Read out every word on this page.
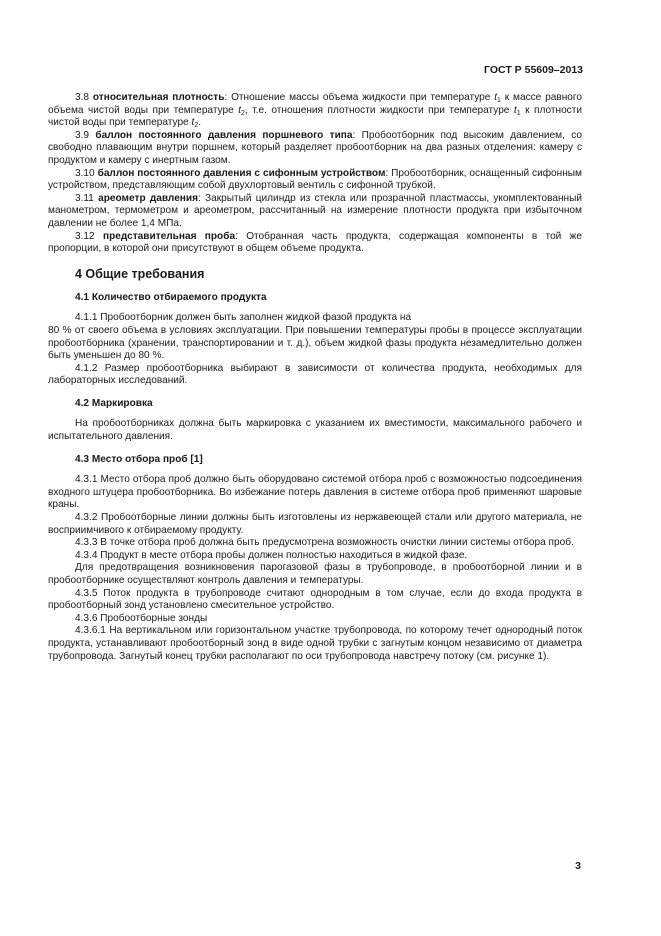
ГОСТ Р 55609–2013

3.8 относительная плотность: Отношение массы объема жидкости при температуре $t_1$ к массе равного объема чистой воды при температуре $t_2$, т.е. отношения плотности жидкости при температуре $t_1$ к плотности чистой воды при температуре $t_2$.

3.9 баллон постоянного давления поршневого типа: Пробоотборник под высоким давлением, со свободно плавающим внутри поршнем, который разделяет пробоотборник на два разных отделения: камеру с продуктом и камеру с инертным газом.

3.10 баллон постоянного давления с сифонным устройством: Пробоотборник, оснащенный сифонным устройством, представляющим собой двухлортовый вентиль с сифонной трубкой.

3.11 ареометр давления: Закрытый цилиндр из стекла или прозрачной пластмассы, укомплектованный манометром, термометром и ареометром, рассчитанный на измерение плотности продукта при избыточном давлении не более 1,4 МПа.

3.12 представительная проба: Отобранная часть продукта, содержащая компоненты в той же пропорции, в которой они присутствуют в общем объеме продукта.

4 Общие требования
4.1 Количество отбираемого продукта

4.1.1 Пробоотборник должен быть заполнен жидкой фазой продукта на

80 % от своего объема в условиях эксплуатации. При повышении температуры пробы в процессе эксплуатации пробоотборника (хранении, транспортировании и т. д.), объем жидкой фазы продукта незамедлительно должен быть уменьшен до 80 %.

4.1.2 Размер пробоотборника выбирают в зависимости от количества продукта, необходимых для лабораторных исследований.

4.2 Маркировка

На пробоотборниках должна быть маркировка с указанием их вместимости, максимального рабочего и испытательного давления.

4.3 Место отбора проб [1]

4.3.1 Место отбора проб должно быть оборудовано системой отбора проб с возможностью подсоединения входного штуцера пробоотборника. Во избежание потерь давления в системе отбора проб применяют шаровые краны.

4.3.2 Пробоотборные линии должны быть изготовлены из нержавеющей стали или другого материала, не восприимчивого к отбираемому продукту.

4.3.3 В точке отбора проб должна быть предусмотрена возможность очистки линии системы отбора проб.

4.3.4 Продукт в месте отбора пробы должен полностью находиться в жидкой фазе.

Для предотвращения возникновения парогазовой фазы в трубопроводе, в пробоотборной линии и в пробоотборнике осуществляют контроль давления и температуры.

4.3.5 Поток продукта в трубопроводе считают однородным в том случае, если до входа продукта в пробоотборный зонд установлено смесительное устройство.

4.3.6 Пробоотборные зонды

4.3.6.1 На вертикальном или горизонтальном участке трубопровода, по которому течет однородный поток продукта, устанавливают пробоотборный зонд в виде одной трубки с загнутым концом независимо от диаметра трубопровода. Загнутый конец трубки располагают по оси трубопровода навстречу потоку (см. рисунке 1).

3
